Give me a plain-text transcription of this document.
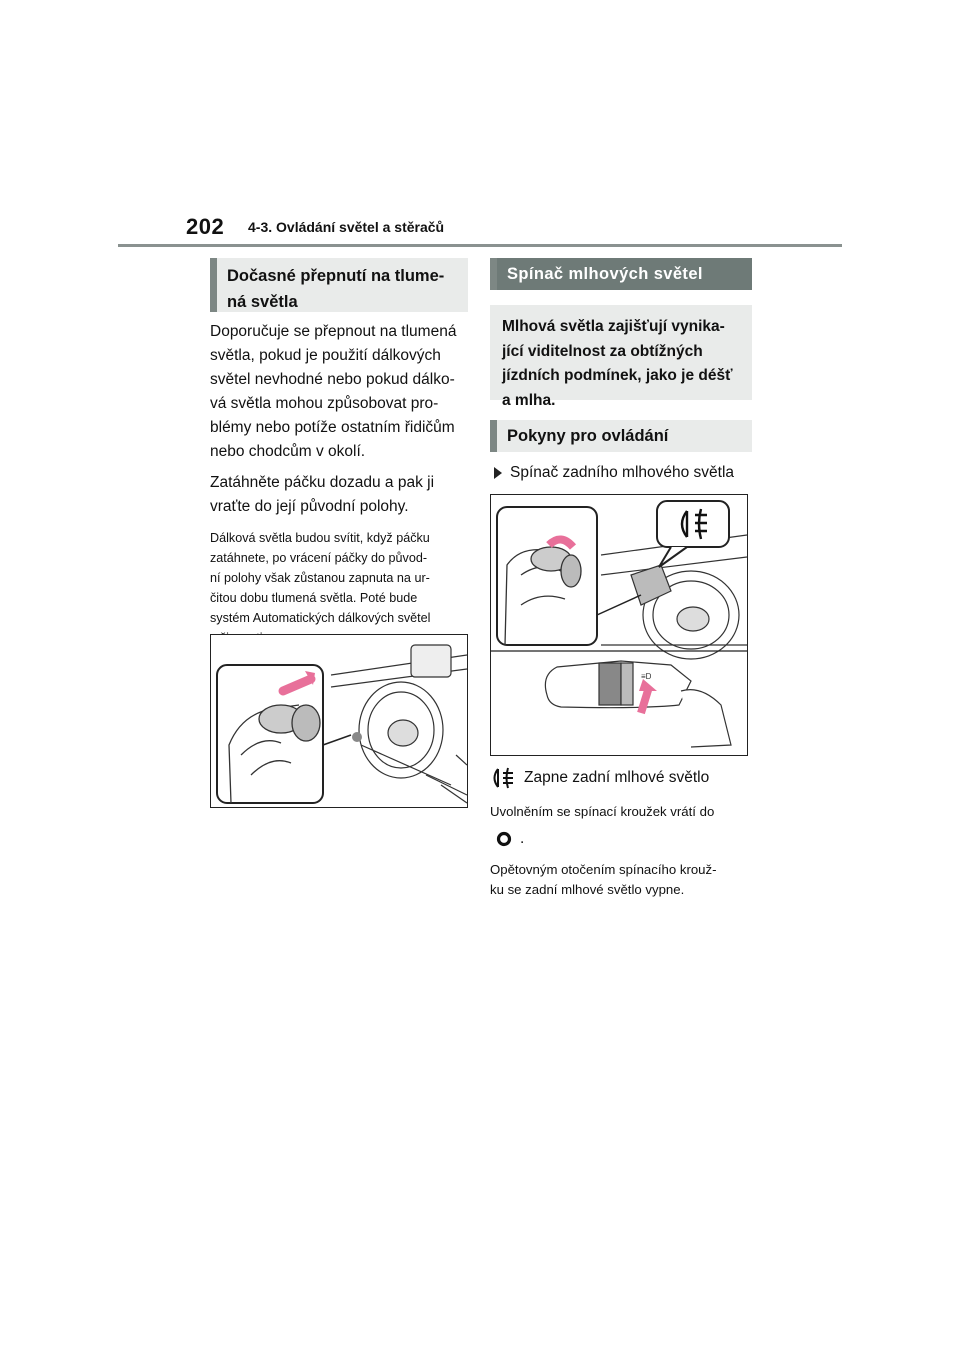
202 4-3. Ovládání světel a stěračů
Dočasné přepnutí na tlume-
ná světla

Doporučuje se přepnout na tlumená

světla, pokud je použití dálkových

světel nevhodné nebo pokud dálko-

vá světla mohou způsobovat pro-

blémy nebo potíže ostatním řidičům

nebo chodcům v okolí.

Zatáhněte páčku dozadu a pak ji

vraťte do její původní polohy.

Dálková světla budou svítit, když páčku

zatáhnete, po vrácení páčky do původ-

ní polohy však zůstanou zapnuta na ur-

čitou dobu tlumená světla. Poté bude

systém Automatických dálkových světel

Spínač mlhových světel
Mlhová světla zajišťují vynika-
jící viditelnost za obtížných
jízdních podmínek, jako je déšť
a mlha.
Pokyny pro ovládání
Spínač zadního mlhového světla
≡D
Zapne zadní mlhové světlo

Uvolněním se spínací kroužek vrátí do

.

Opětovným otočením spínacího krouž-

ku se zadní mlhové světlo vypne.
